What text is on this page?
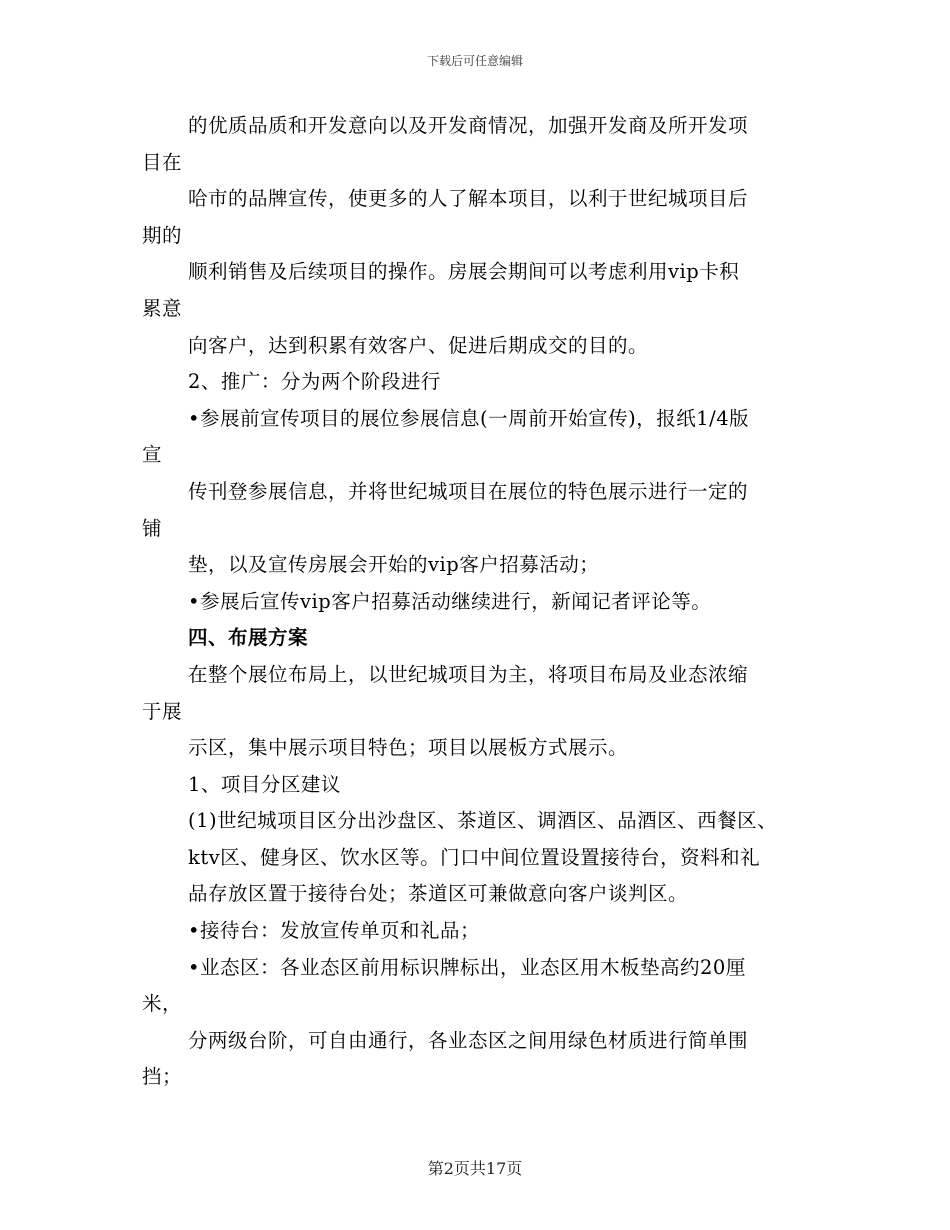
下载后可任意编辑
的优质品质和开发意向以及开发商情况，加强开发商及所开发项
目在
哈市的品牌宣传，使更多的人了解本项目，以利于世纪城项目后
期的
顺利销售及后续项目的操作。房展会期间可以考虑利用vip卡积
累意
向客户，达到积累有效客户、促进后期成交的目的。
2、推广：分为两个阶段进行
•参展前宣传项目的展位参展信息(一周前开始宣传)，报纸1/4版
宣
传刊登参展信息，并将世纪城项目在展位的特色展示进行一定的
铺
垫，以及宣传房展会开始的vip客户招募活动；
•参展后宣传vip客户招募活动继续进行，新闻记者评论等。
四、布展方案
在整个展位布局上，以世纪城项目为主，将项目布局及业态浓缩
于展
示区，集中展示项目特色；项目以展板方式展示。
1、项目分区建议
(1)世纪城项目区分出沙盘区、茶道区、调酒区、品酒区、西餐区、
ktv区、健身区、饮水区等。门口中间位置设置接待台，资料和礼
品存放区置于接待台处；茶道区可兼做意向客户谈判区。
•接待台：发放宣传单页和礼品；
•业态区：各业态区前用标识牌标出，业态区用木板垫高约20厘
米，
分两级台阶，可自由通行，各业态区之间用绿色材质进行简单围
挡；
第2页共17页
